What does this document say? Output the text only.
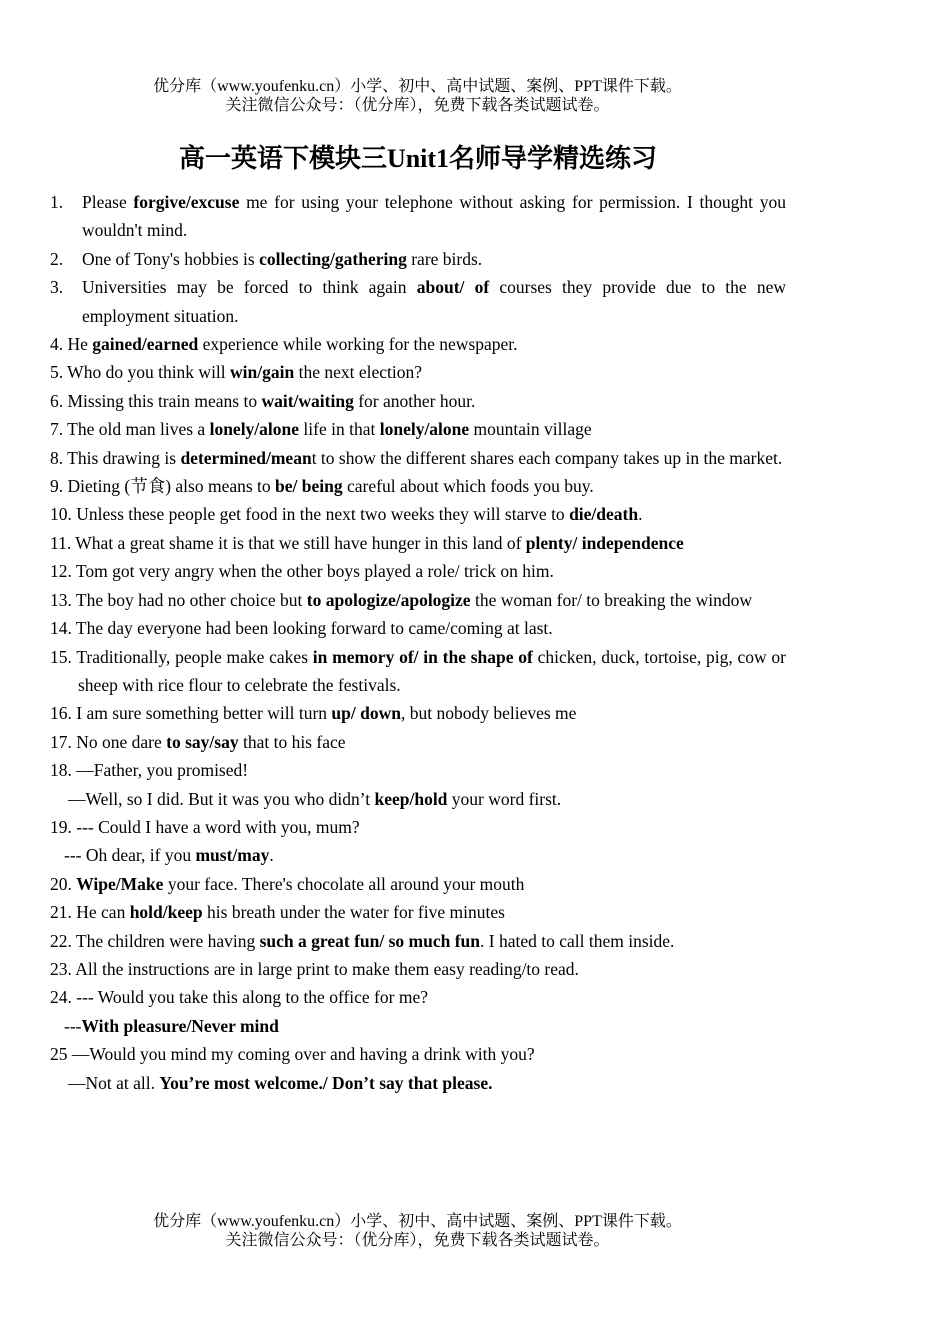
优分库（www.youfenku.cn）小学、初中、高中试题、案例、PPT课件下载。
关注微信公众号：（优分库），免费下载各类试题试卷。
高一英语下模块三Unit1名师导学精选练习
1.	Please forgive/excuse me for using your telephone without asking for permission. I thought you wouldn't mind.
2.	One of Tony's hobbies is collecting/gathering rare birds.
3.	Universities may be forced to think again about/ of courses they provide due to the new employment situation.
4. He gained/earned experience while working for the newspaper.
5. Who do you think will win/gain the next election?
6. Missing this train means to wait/waiting for another hour.
7. The old man lives a lonely/alone life in that lonely/alone mountain village
8. This drawing is determined/meant to show the different shares each company takes up in the market.
9. Dieting (节食) also means to be/ being careful about which foods you buy.
10. Unless these people get food in the next two weeks they will starve to die/death.
11. What a great shame it is that we still have hunger in this land of plenty/ independence
12. Tom got very angry when the other boys played a role/ trick on him.
13. The boy had no other choice but to apologize/apologize the woman for/ to breaking the window
14. The day everyone had been looking forward to came/coming at last.
15. Traditionally, people make cakes in memory of/ in the shape of chicken, duck, tortoise, pig, cow or sheep with rice flour to celebrate the festivals.
16. I am sure something better will turn up/ down, but nobody believes me
17. No one dare to say/say that to his face
18. —Father, you promised!
—Well, so I did. But it was you who didn’t keep/hold your word first.
19. --- Could I have a word with you, mum?
--- Oh dear, if you must/may.
20. Wipe/Make your face. There's chocolate all around your mouth
21. He can hold/keep his breath under the water for five minutes
22. The children were having such a great fun/ so much fun. I hated to call them inside.
23. All the instructions are in large print to make them easy reading/to read.
24. --- Would you take this along to the office for me?
---With pleasure/Never mind
25 —Would you mind my coming over and having a drink with you?
—Not at all. You’re most welcome./ Don’t say that please.
优分库（www.youfenku.cn）小学、初中、高中试题、案例、PPT课件下载。
关注微信公众号：（优分库），免费下载各类试题试卷。
